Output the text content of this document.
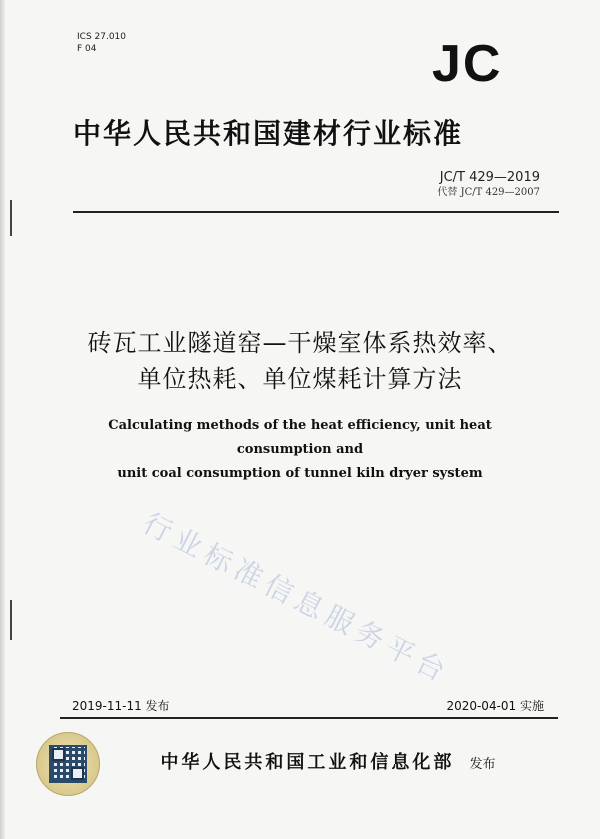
ICS 27.010
F 04	JC
中华人民共和国建材行业标准
JC/T 429—2019
代替 JC/T 429—2007
砖瓦工业隧道窑—干燥室体系热效率、
单位热耗、单位煤耗计算方法
Calculating methods of the heat efficiency, unit heat consumption and
unit coal consumption of tunnel kiln dryer system
行业标准信息服务平台
2019-11-11 发布	2020-04-01 实施
中华人民共和国工业和信息化部 发布
